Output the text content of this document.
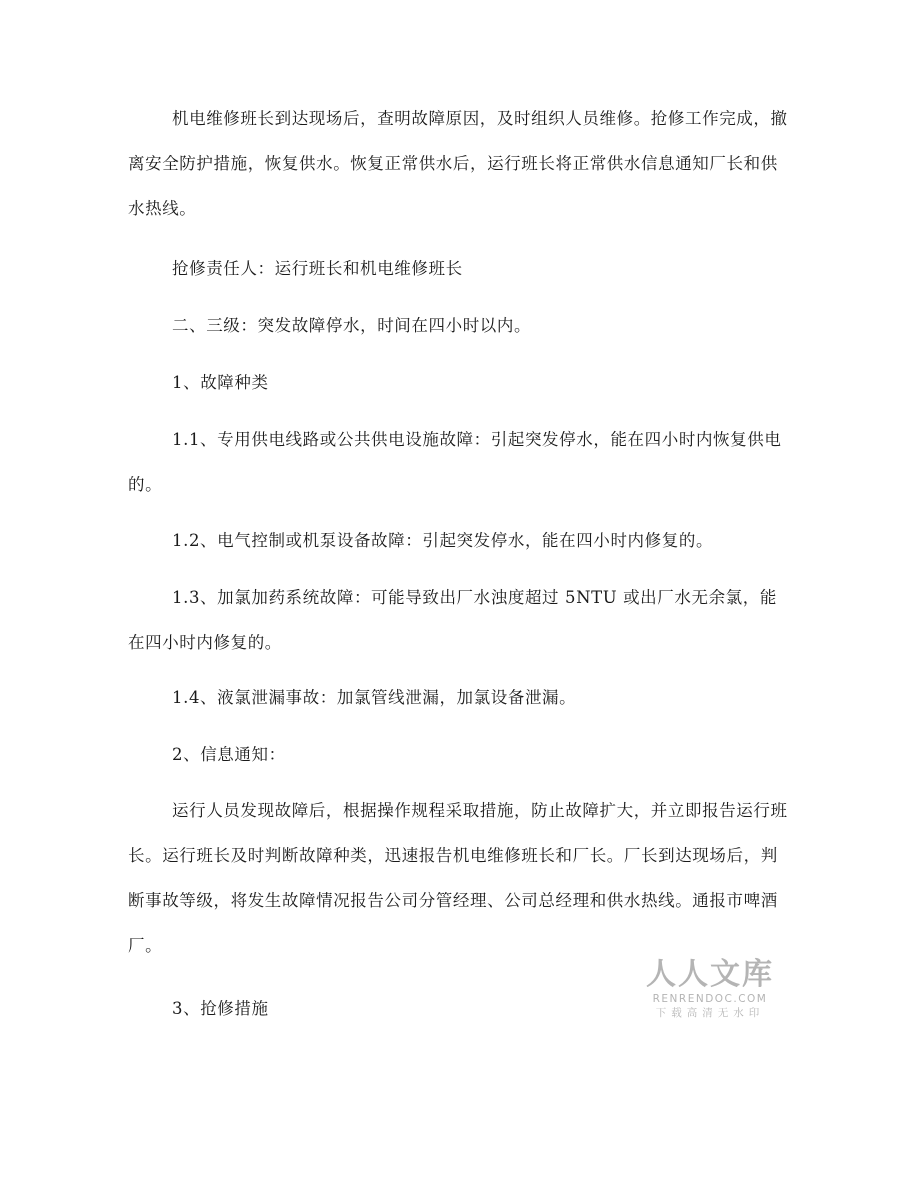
机电维修班长到达现场后，查明故障原因，及时组织人员维修。抢修工作完成，撤离安全防护措施，恢复供水。恢复正常供水后，运行班长将正常供水信息通知厂长和供水热线。

抢修责任人：运行班长和机电维修班长

二、三级：突发故障停水，时间在四小时以内。

1、故障种类

1.1、专用供电线路或公共供电设施故障：引起突发停水，能在四小时内恢复供电的。

1.2、电气控制或机泵设备故障：引起突发停水，能在四小时内修复的。

1.3、加氯加药系统故障：可能导致出厂水浊度超过 5NTU 或出厂水无余氯，能在四小时内修复的。

1.4、液氯泄漏事故：加氯管线泄漏，加氯设备泄漏。

2、信息通知：

运行人员发现故障后，根据操作规程采取措施，防止故障扩大，并立即报告运行班长。运行班长及时判断故障种类，迅速报告机电维修班长和厂长。厂长到达现场后，判断事故等级，将发生故障情况报告公司分管经理、公司总经理和供水热线。通报市啤酒厂。

3、抢修措施

人人文库
RENRENDOC.COM
下载高清无水印
